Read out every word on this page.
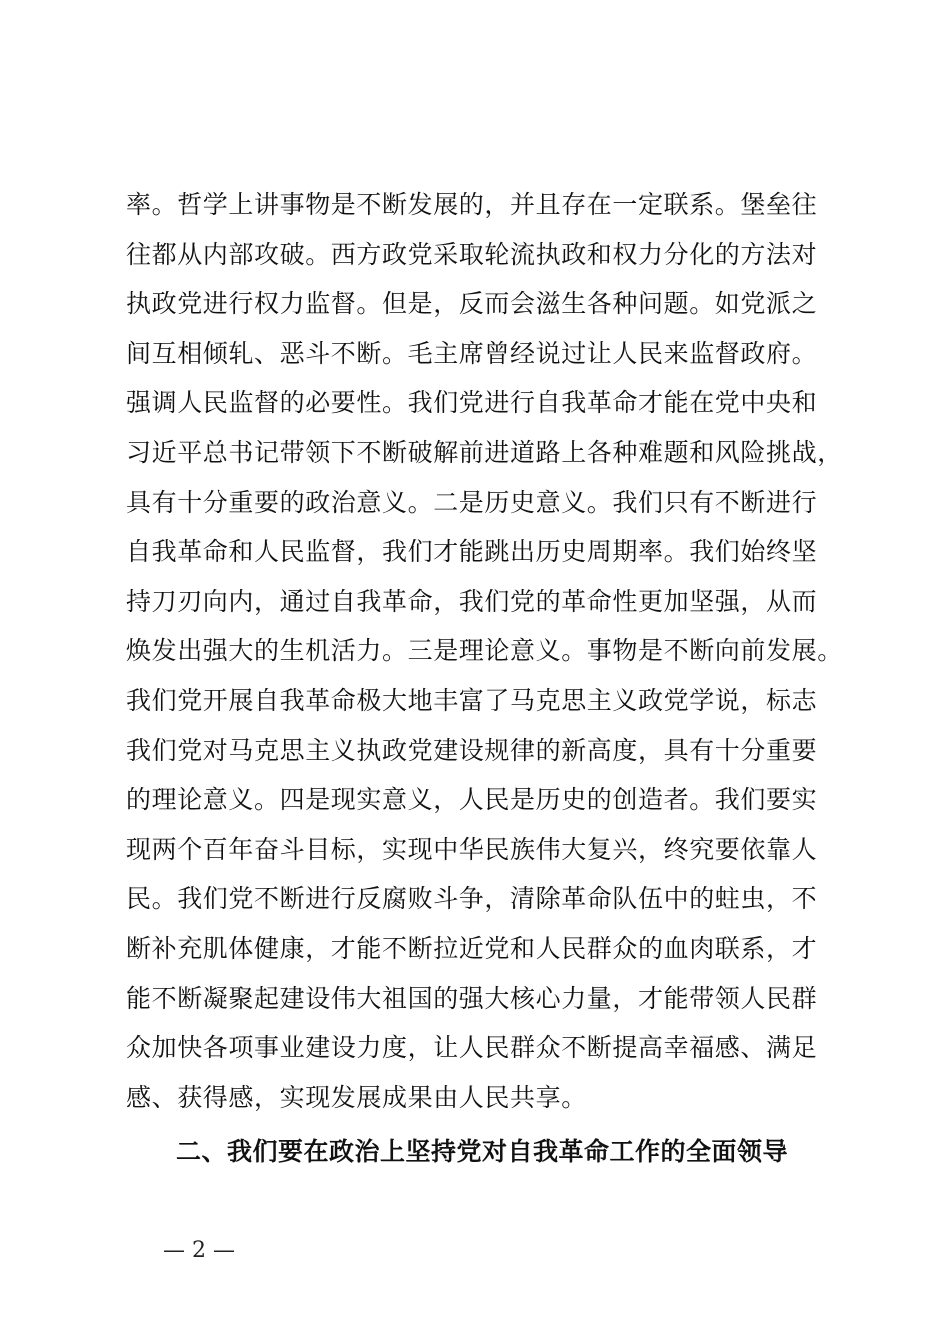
率。哲学上讲事物是不断发展的，并且存在一定联系。堡垒往
往都从内部攻破。西方政党采取轮流执政和权力分化的方法对
执政党进行权力监督。但是，反而会滋生各种问题。如党派之
间互相倾轧、恶斗不断。毛主席曾经说过让人民来监督政府。
强调人民监督的必要性。我们党进行自我革命才能在党中央和
习近平总书记带领下不断破解前进道路上各种难题和风险挑战，
具有十分重要的政治意义。二是历史意义。我们只有不断进行
自我革命和人民监督，我们才能跳出历史周期率。我们始终坚
持刀刃向内，通过自我革命，我们党的革命性更加坚强，从而
焕发出强大的生机活力。三是理论意义。事物是不断向前发展。
我们党开展自我革命极大地丰富了马克思主义政党学说，标志
我们党对马克思主义执政党建设规律的新高度，具有十分重要
的理论意义。四是现实意义，人民是历史的创造者。我们要实
现两个百年奋斗目标，实现中华民族伟大复兴，终究要依靠人
民。我们党不断进行反腐败斗争，清除革命队伍中的蛀虫，不
断补充肌体健康，才能不断拉近党和人民群众的血肉联系，才
能不断凝聚起建设伟大祖国的强大核心力量，才能带领人民群
众加快各项事业建设力度，让人民群众不断提高幸福感、满足
感、获得感，实现发展成果由人民共享。
二、我们要在政治上坚持党对自我革命工作的全面领导
— 2 —
